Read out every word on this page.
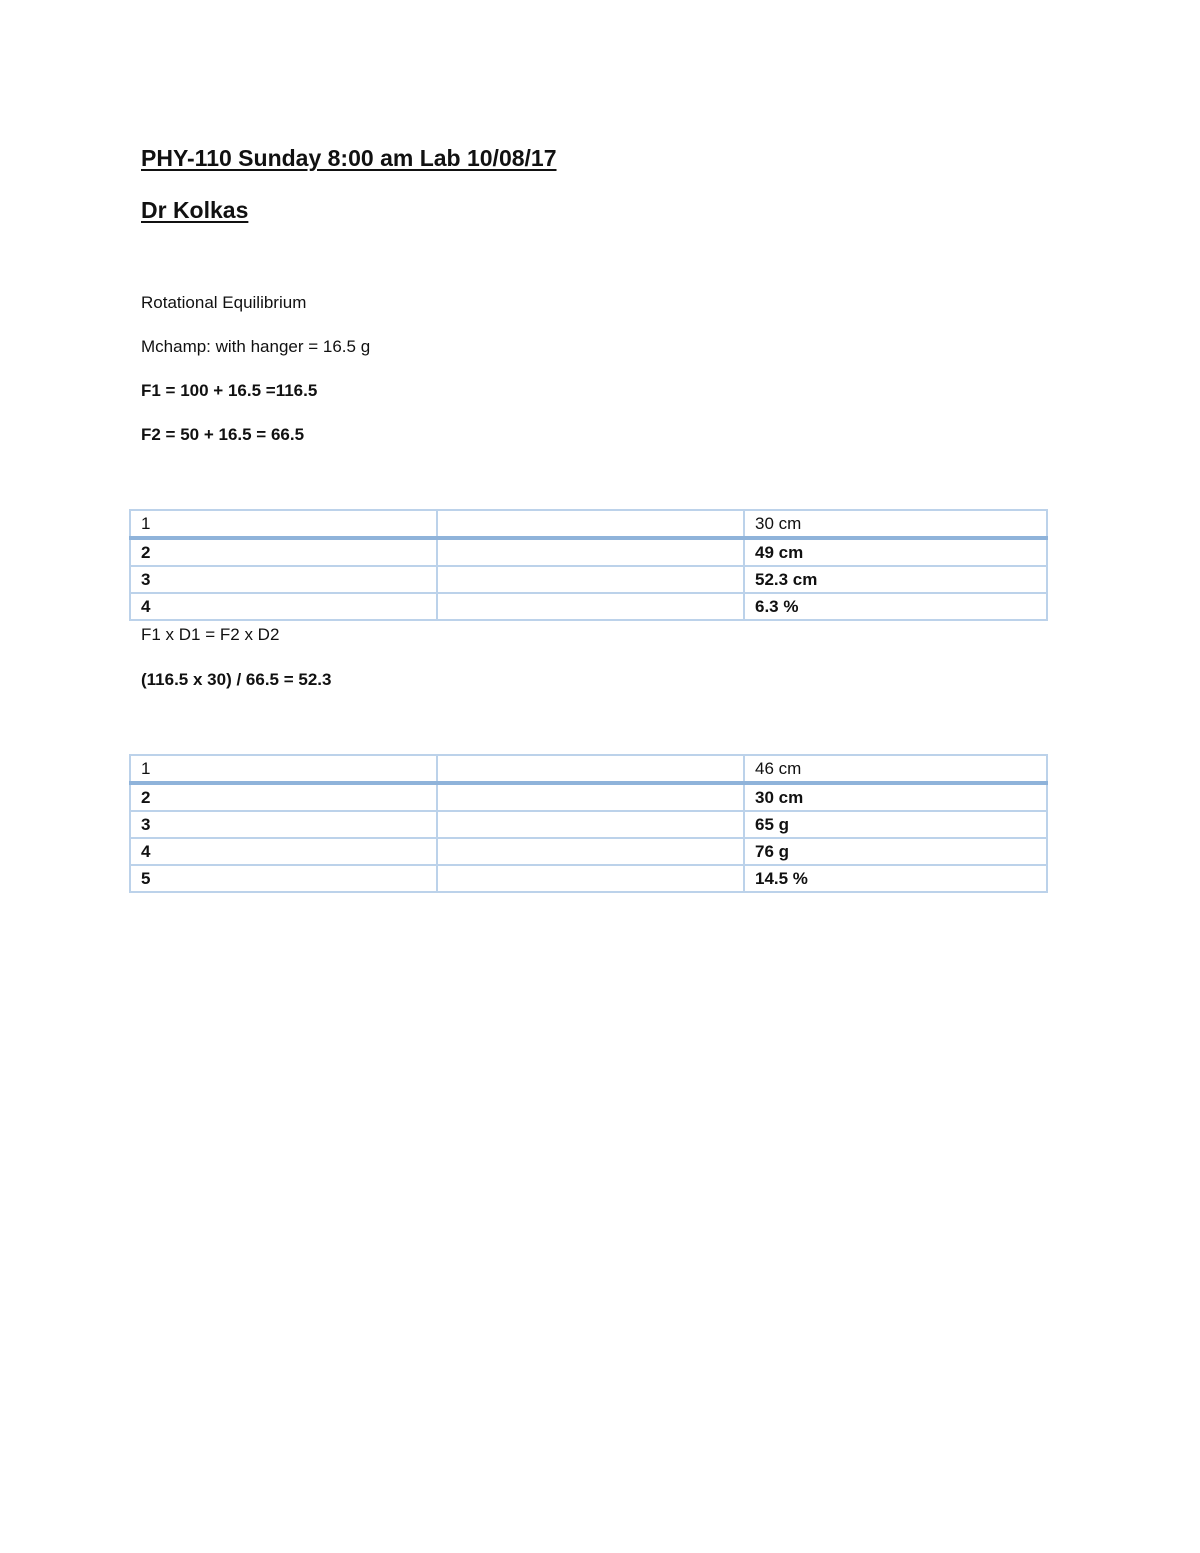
PHY-110 Sunday 8:00 am Lab 10/08/17
Dr Kolkas
Rotational Equilibrium
Mchamp: with hanger = 16.5 g
F1 = 100 + 16.5 =116.5
F2 = 50 + 16.5 = 66.5
1		30 cm
2		49 cm
3		52.3 cm
4		6.3 %
F1 x D1 = F2 x D2
(116.5 x 30) / 66.5 = 52.3
1		46 cm
2		30 cm
3		65 g
4		76 g
5		14.5 %
